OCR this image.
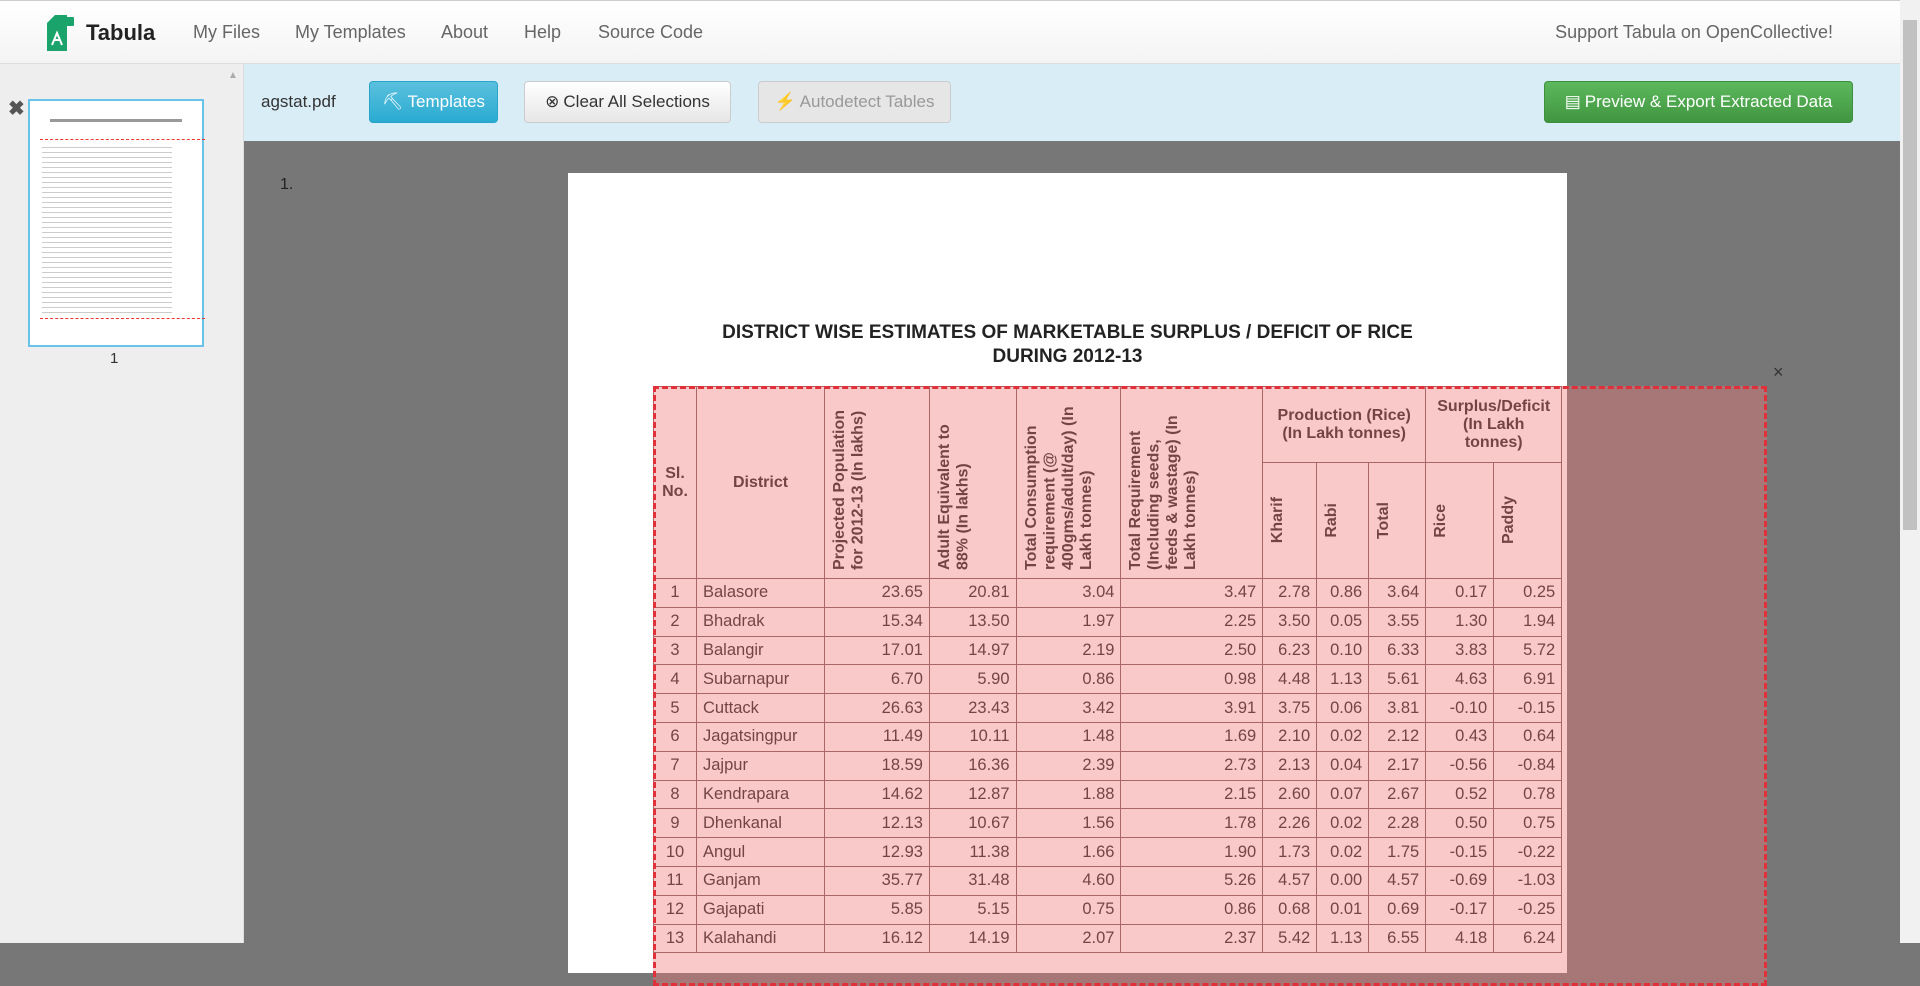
Tabula My Files My Templates About Help Source Code	Support Tabula on OpenCollective!
✖
▲
1
agstat.pdf	⛏ Templates	⊗ Clear All Selections	⚡ Autodetect Tables	▤ Preview & Export Extracted Data
1.
DISTRICT WISE ESTIMATES OF MARKETABLE SURPLUS / DEFICIT OF RICE
DURING 2012-13
Sl. No.	District	Projected Population for 2012-13 (In lakhs)	Adult Equivalent to 88% (In lakhs)	Total Consumption requirement (@ 400gms/adult/day) (In Lakh tonnes)	Total Requirement (Including seeds, feeds & wastage) (In Lakh tonnes)	Production (Rice) (In Lakh tonnes)			Surplus/Deficit (In Lakh tonnes)	

						Kharif	Rabi	Total	Rice	Paddy

1	Balasore	23.65	20.81	3.04	3.47	2.78	0.86	3.64	0.17	0.25
2	Bhadrak	15.34	13.50	1.97	2.25	3.50	0.05	3.55	1.30	1.94
3	Balangir	17.01	14.97	2.19	2.50	6.23	0.10	6.33	3.83	5.72
4	Subarnapur	6.70	5.90	0.86	0.98	4.48	1.13	5.61	4.63	6.91
5	Cuttack	26.63	23.43	3.42	3.91	3.75	0.06	3.81	-0.10	-0.15
6	Jagatsingpur	11.49	10.11	1.48	1.69	2.10	0.02	2.12	0.43	0.64
7	Jajpur	18.59	16.36	2.39	2.73	2.13	0.04	2.17	-0.56	-0.84
8	Kendrapara	14.62	12.87	1.88	2.15	2.60	0.07	2.67	0.52	0.78
9	Dhenkanal	12.13	10.67	1.56	1.78	2.26	0.02	2.28	0.50	0.75
10	Angul	12.93	11.38	1.66	1.90	1.73	0.02	1.75	-0.15	-0.22
11	Ganjam	35.77	31.48	4.60	5.26	4.57	0.00	4.57	-0.69	-1.03
12	Gajapati	5.85	5.15	0.75	0.86	0.68	0.01	0.69	-0.17	-0.25
13	Kalahandi	16.12	14.19	2.07	2.37	5.42	1.13	6.55	4.18	6.24
×
